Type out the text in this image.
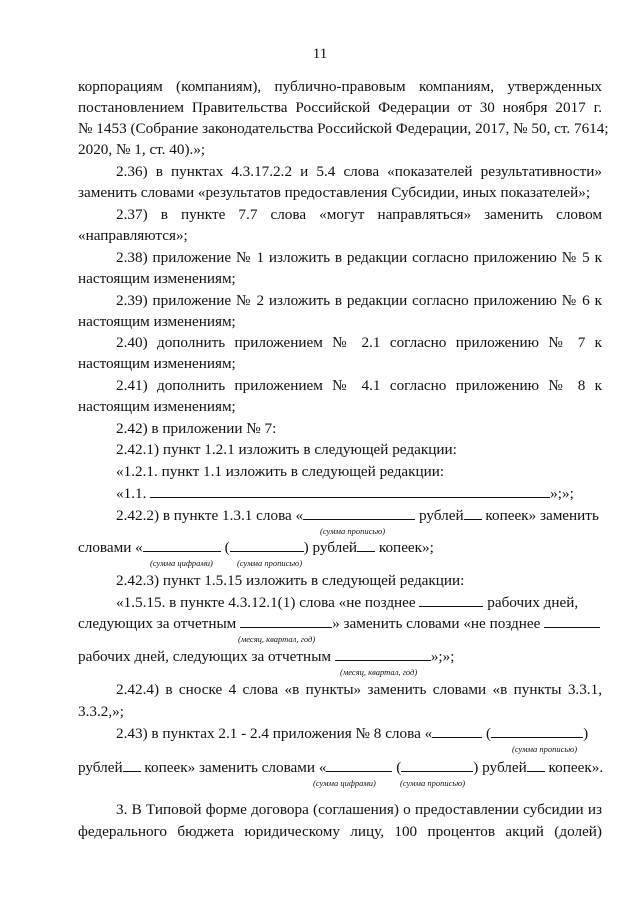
11
корпорациям (компаниям), публично-правовым компаниям, утвержденных
постановлением Правительства Российской Федерации от 30 ноября 2017 г.
№ 1453 (Собрание законодательства Российской Федерации, 2017, № 50, ст. 7614;
2020, № 1, ст. 40).»;
2.36) в пунктах 4.3.17.2.2 и 5.4 слова «показателей результативности»
заменить словами «результатов предоставления Субсидии, иных показателей»;
2.37) в пункте 7.7 слова «могут направляться» заменить словом
«направляются»;
2.38) приложение № 1 изложить в редакции согласно приложению № 5 к
настоящим изменениям;
2.39) приложение № 2 изложить в редакции согласно приложению № 6 к
настоящим изменениям;
2.40) дополнить приложением № 2.1 согласно приложению № 7 к
настоящим изменениям;
2.41) дополнить приложением № 4.1 согласно приложению № 8 к
настоящим изменениям;
2.42) в приложении № 7:
2.42.1) пункт 1.2.1 изложить в следующей редакции:
«1.2.1. пункт 1.1 изложить в следующей редакции:
«1.1.	»;»;
2.42.2) в пункте 1.3.1 слова «	рублей копеек» заменить
(сумма прописью)
словами «	(	) рублей копеек»;
(сумма цифрами)	(сумма прописью)
2.42.3) пункт 1.5.15 изложить в следующей редакции:
«1.5.15. в пункте 4.3.12.1(1) слова «не позднее	рабочих дней,
следующих за отчетным	» заменить словами «не позднее
(месяц, квартал, год)
рабочих дней, следующих за отчетным	»;»;
(месяц, квартал, год)
2.42.4) в сноске 4 слова «в пункты» заменить словами «в пункты 3.3.1,
3.3.2,»;
2.43) в пунктах 2.1 - 2.4 приложения № 8 слова «	(	)
(сумма прописью)
рублей копеек» заменить словами «	(	) рублей копеек».
(сумма цифрами)	(сумма прописью)
3. В Типовой форме договора (соглашения) о предоставлении субсидии из
федерального бюджета юридическому лицу, 100 процентов акций (долей)
